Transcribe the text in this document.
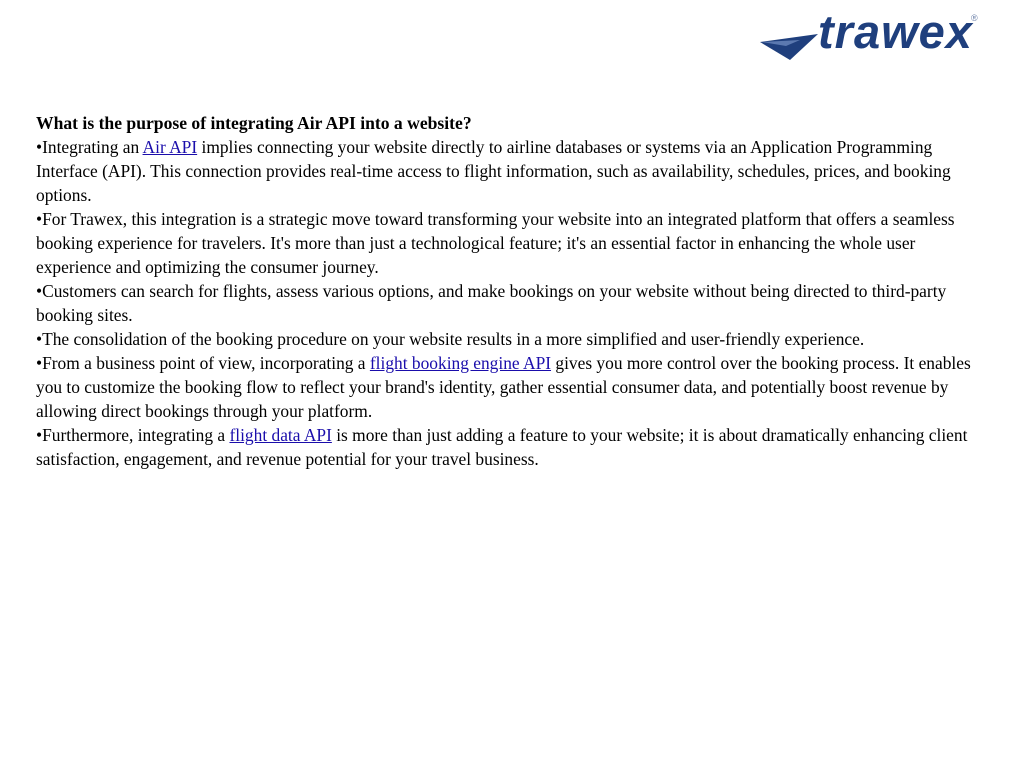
trawex
®

What is the purpose of integrating Air API into a website?

•Integrating an Air API implies connecting your website directly to airline databases or systems via an Application Programming Interface (API). This connection provides real-time access to flight information, such as availability, schedules, prices, and booking options.

•For Trawex, this integration is a strategic move toward transforming your website into an integrated platform that offers a seamless booking experience for travelers. It's more than just a technological feature; it's an essential factor in enhancing the whole user experience and optimizing the consumer journey.

•Customers can search for flights, assess various options, and make bookings on your website without being directed to third-party booking sites.

•The consolidation of the booking procedure on your website results in a more simplified and user-friendly experience.

•From a business point of view, incorporating a flight booking engine API gives you more control over the booking process. It enables you to customize the booking flow to reflect your brand's identity, gather essential consumer data, and potentially boost revenue by allowing direct bookings through your platform.

•Furthermore, integrating a flight data API is more than just adding a feature to your website; it is about dramatically enhancing client satisfaction, engagement, and revenue potential for your travel business.
